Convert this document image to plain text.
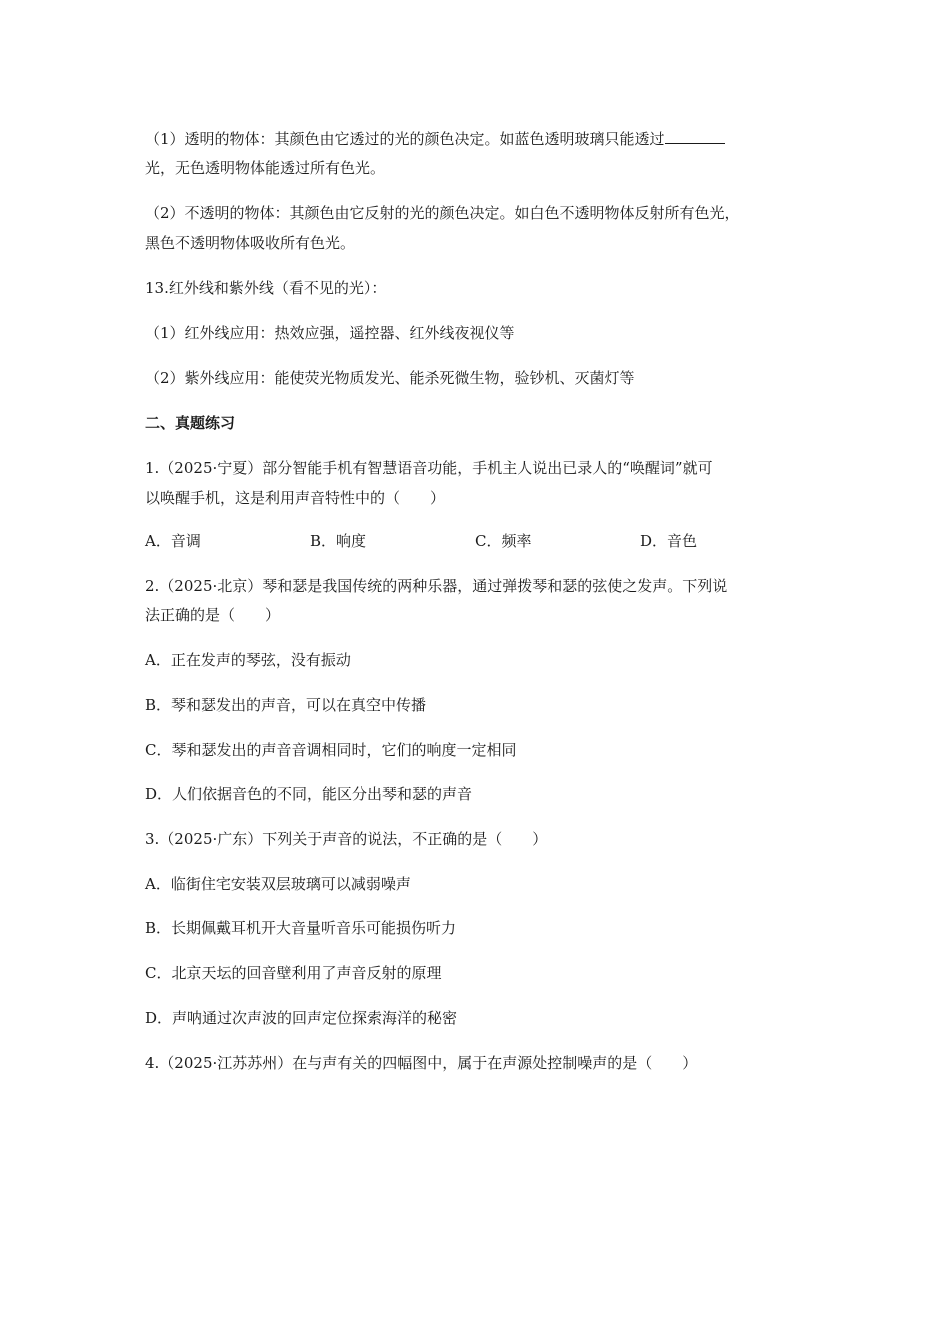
（1）透明的物体：其颜色由它透过的光的颜色决定。如蓝色透明玻璃只能透过
光，无色透明物体能透过所有色光。
（2）不透明的物体：其颜色由它反射的光的颜色决定。如白色不透明物体反射所有色光，
黑色不透明物体吸收所有色光。
13.红外线和紫外线（看不见的光）：
（1）红外线应用：热效应强，遥控器、红外线夜视仪等
（2）紫外线应用：能使荧光物质发光、能杀死微生物，验钞机、灭菌灯等
二、真题练习
1.（2025·宁夏）部分智能手机有智慧语音功能，手机主人说出已录人的“唤醒词”就可
以唤醒手机，这是利用声音特性中的（　　）
A．音调	B．响度	C．频率	D．音色
2.（2025·北京）琴和瑟是我国传统的两种乐器，通过弹拨琴和瑟的弦使之发声。下列说
法正确的是（　　）
A．正在发声的琴弦，没有振动
B．琴和瑟发出的声音，可以在真空中传播
C．琴和瑟发出的声音音调相同时，它们的响度一定相同
D．人们依据音色的不同，能区分出琴和瑟的声音
3.（2025·广东）下列关于声音的说法，不正确的是（　　）
A．临街住宅安装双层玻璃可以减弱噪声
B．长期佩戴耳机开大音量听音乐可能损伤听力
C．北京天坛的回音壁利用了声音反射的原理
D．声呐通过次声波的回声定位探索海洋的秘密
4.（2025·江苏苏州）在与声有关的四幅图中，属于在声源处控制噪声的是（　　）
